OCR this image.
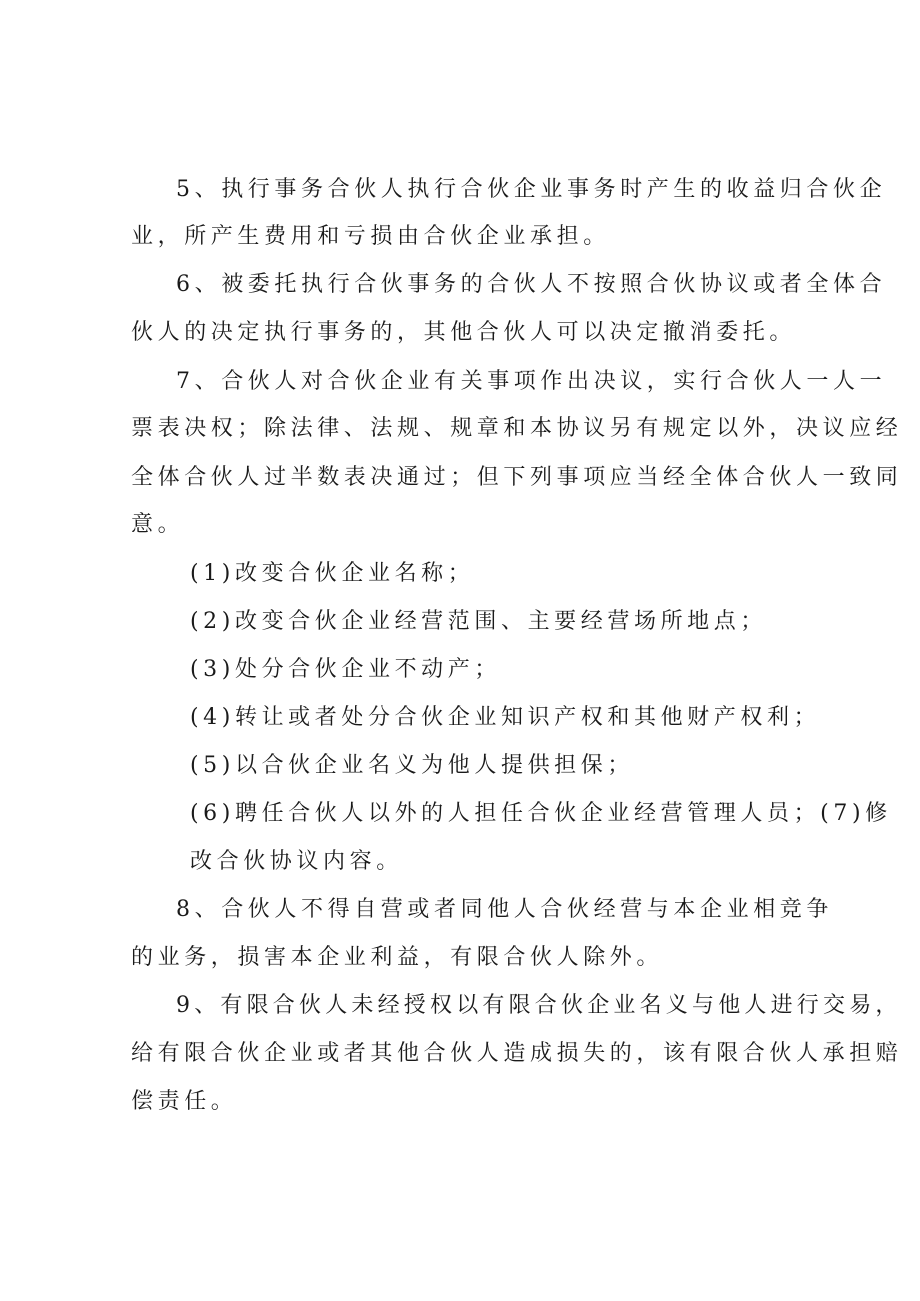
5、执行事务合伙人执行合伙企业事务时产生的收益归合伙企
业，所产生费用和亏损由合伙企业承担。
6、被委托执行合伙事务的合伙人不按照合伙协议或者全体合
伙人的决定执行事务的，其他合伙人可以决定撤消委托。
7、合伙人对合伙企业有关事项作出决议，实行合伙人一人一
票表决权；除法律、法规、规章和本协议另有规定以外，决议应经
全体合伙人过半数表决通过；但下列事项应当经全体合伙人一致同
意。
(1)改变合伙企业名称；
(2)改变合伙企业经营范围、主要经营场所地点；
(3)处分合伙企业不动产；
(4)转让或者处分合伙企业知识产权和其他财产权利；
(5)以合伙企业名义为他人提供担保；
(6)聘任合伙人以外的人担任合伙企业经营管理人员；(7)修
改合伙协议内容。
8、合伙人不得自营或者同他人合伙经营与本企业相竞争
的业务，损害本企业利益，有限合伙人除外。
9、有限合伙人未经授权以有限合伙企业名义与他人进行交易，
给有限合伙企业或者其他合伙人造成损失的，该有限合伙人承担赔
偿责任。
